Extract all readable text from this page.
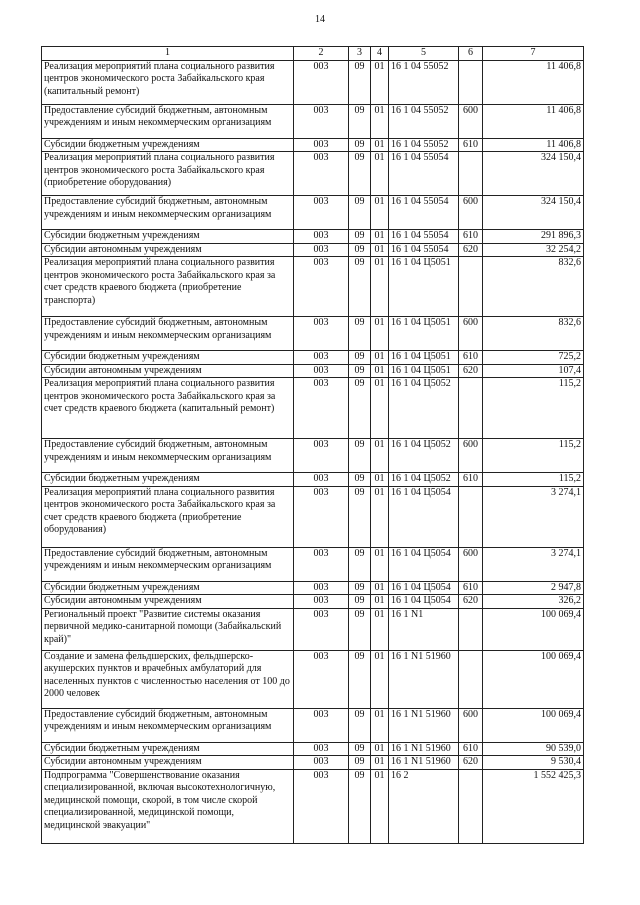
14
1	2	3	4	5	6	7
Реализация мероприятий плана социального развития центров экономического роста Забайкальского края (капитальный ремонт)	003	09	01	16 1 04 55052		11 406,8
Предоставление субсидий бюджетным, автономным учреждениям и иным некоммерческим организациям	003	09	01	16 1 04 55052	600	11 406,8
Субсидии бюджетным учреждениям	003	09	01	16 1 04 55052	610	11 406,8
Реализация мероприятий плана социального развития центров экономического роста Забайкальского края (приобретение оборудования)	003	09	01	16 1 04 55054		324 150,4
Предоставление субсидий бюджетным, автономным учреждениям и иным некоммерческим организациям	003	09	01	16 1 04 55054	600	324 150,4
Субсидии бюджетным учреждениям	003	09	01	16 1 04 55054	610	291 896,3
Субсидии автономным учреждениям	003	09	01	16 1 04 55054	620	32 254,2
Реализация мероприятий плана социального развития центров экономического роста Забайкальского края за счет средств краевого бюджета (приобретение транспорта)	003	09	01	16 1 04 Ц5051		832,6
Предоставление субсидий бюджетным, автономным учреждениям и иным некоммерческим организациям	003	09	01	16 1 04 Ц5051	600	832,6
Субсидии бюджетным учреждениям	003	09	01	16 1 04 Ц5051	610	725,2
Субсидии автономным учреждениям	003	09	01	16 1 04 Ц5051	620	107,4
Реализация мероприятий плана социального развития центров экономического роста Забайкальского края за счет средств краевого бюджета (капитальный ремонт)	003	09	01	16 1 04 Ц5052		115,2
Предоставление субсидий бюджетным, автономным учреждениям и иным некоммерческим организациям	003	09	01	16 1 04 Ц5052	600	115,2
Субсидии бюджетным учреждениям	003	09	01	16 1 04 Ц5052	610	115,2
Реализация мероприятий плана социального развития центров экономического роста Забайкальского края за счет средств краевого бюджета (приобретение оборудования)	003	09	01	16 1 04 Ц5054		3 274,1
Предоставление субсидий бюджетным, автономным учреждениям и иным некоммерческим организациям	003	09	01	16 1 04 Ц5054	600	3 274,1
Субсидии бюджетным учреждениям	003	09	01	16 1 04 Ц5054	610	2 947,8
Субсидии автономным учреждениям	003	09	01	16 1 04 Ц5054	620	326,2
Региональный проект "Развитие системы оказания первичной медико-санитарной помощи (Забайкальский край)"	003	09	01	16 1 N1		100 069,4
Создание и замена фельдшерских, фельдшерско-акушерских пунктов и врачебных амбулаторий для населенных пунктов с численностью населения от 100 до 2000 человек	003	09	01	16 1 N1 51960		100 069,4
Предоставление субсидий бюджетным, автономным учреждениям и иным некоммерческим организациям	003	09	01	16 1 N1 51960	600	100 069,4
Субсидии бюджетным учреждениям	003	09	01	16 1 N1 51960	610	90 539,0
Субсидии автономным учреждениям	003	09	01	16 1 N1 51960	620	9 530,4
Подпрограмма "Совершенствование оказания специализированной, включая высокотехнологичную, медицинской помощи, скорой, в том числе скорой специализированной, медицинской помощи, медицинской эвакуации"	003	09	01	16 2		1 552 425,3
